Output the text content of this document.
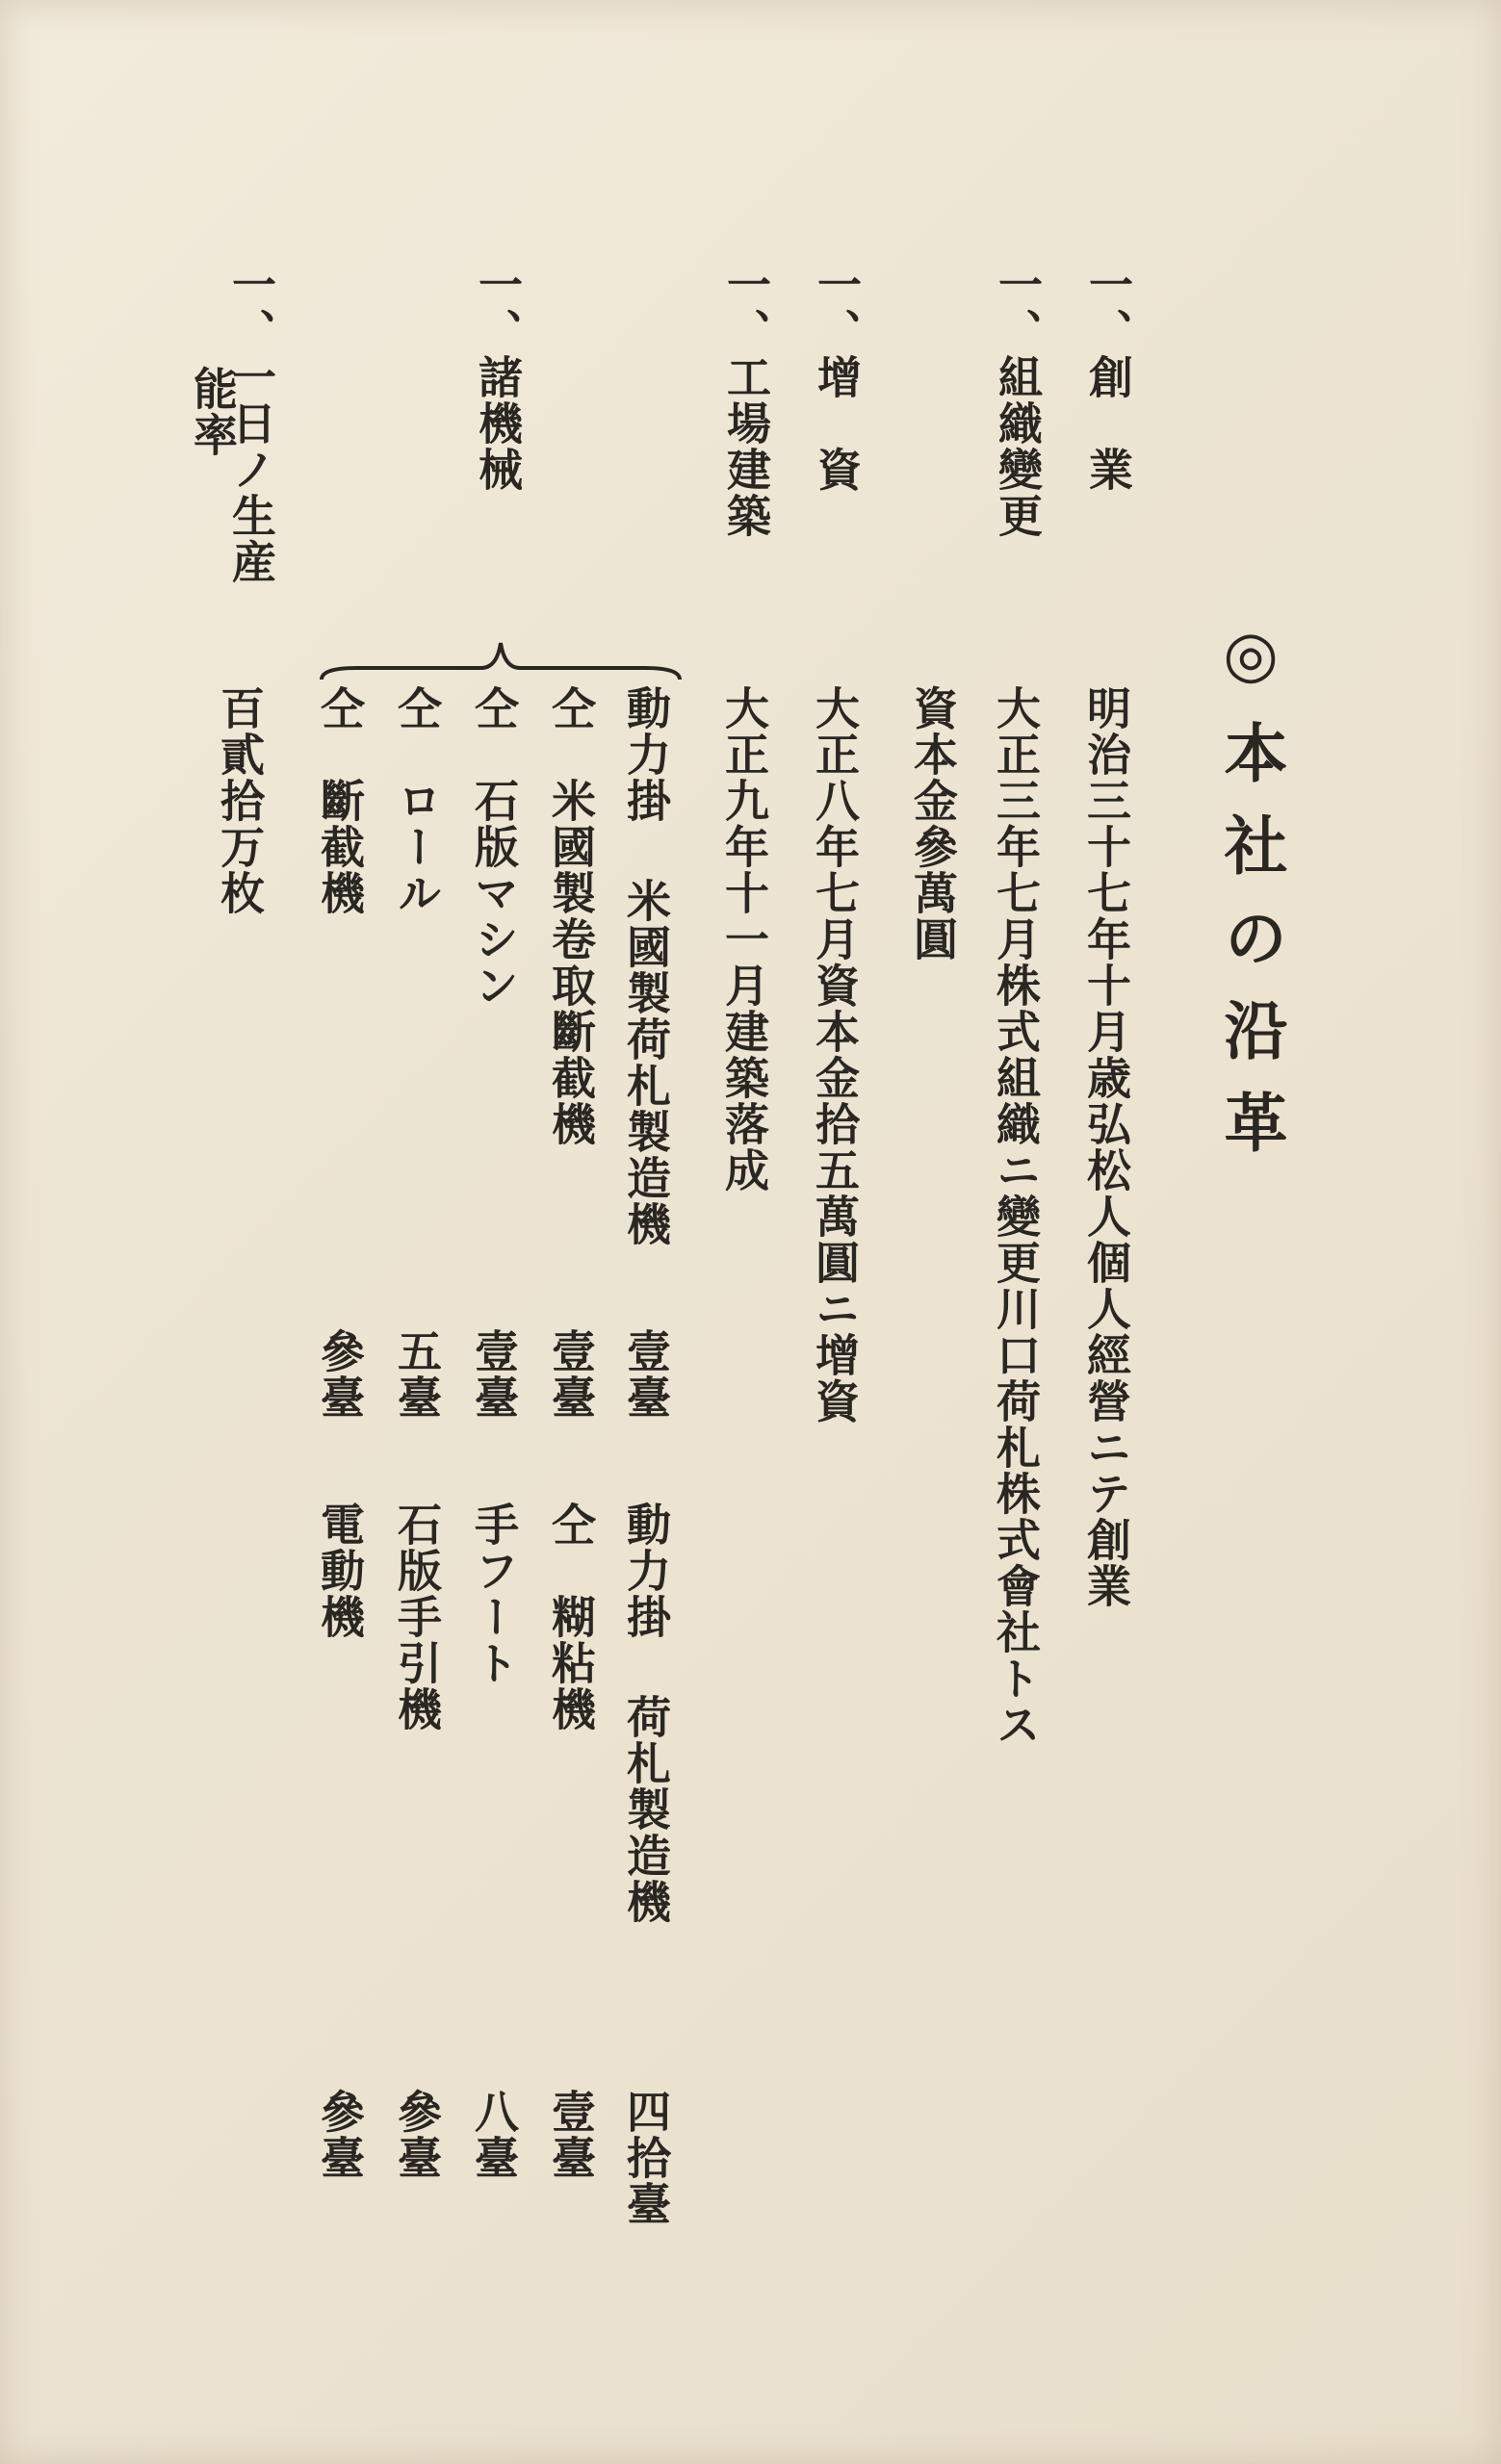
◎本社の沿革
一、創　業
明治三十七年十月歳弘松人個人經營ニテ創業
一、組織變更
大正三年七月株式組織ニ變更川口荷札株式會社トス
資本金參萬圓
一、增　資
大正八年七月資本金拾五萬圓ニ增資
一、工場建築
大正九年十一月建築落成
一、諸機械
動力掛 米國製荷札製造機
壹臺
動力掛 荷札製造機
四拾臺
仝　米國製卷取斷截機
壹臺
仝　糊粘機
壹臺
仝　石版マシン
壹臺
手フート
八臺
仝　ロール
五臺
石版手引機
參臺
仝　斷截機
參臺
電動機
參臺
一、一日ノ生産
能率
百貳拾万枚
